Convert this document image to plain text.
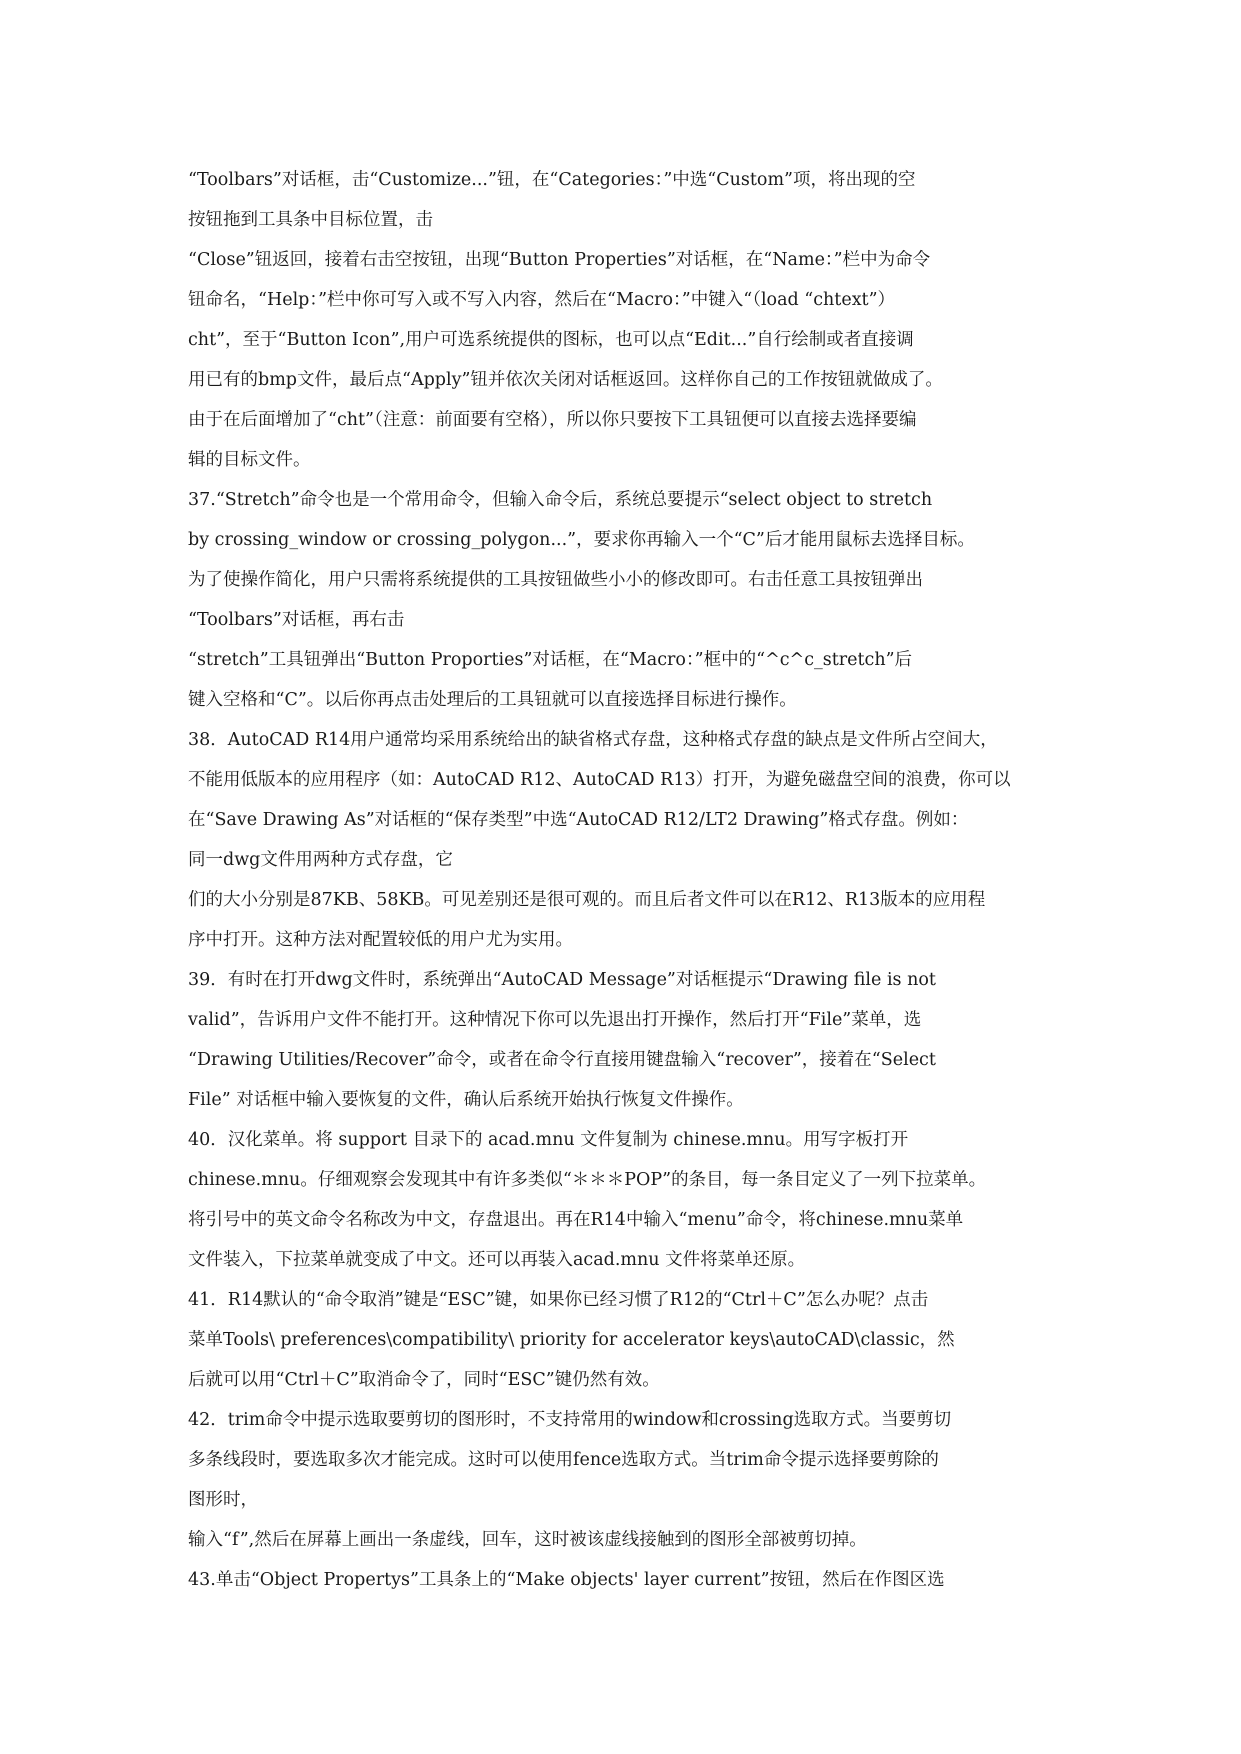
“Toolbars”对话框，击“Customize...”钮，在“Categories：”中选“Custom”项，将出现的空
按钮拖到工具条中目标位置，击
“Close”钮返回，接着右击空按钮，出现“Button Properties”对话框，在“Name：”栏中为命令
钮命名，“Help：”栏中你可写入或不写入内容，然后在“Macro：”中键入“（load “chtext”）
cht”，至于“Button Icon”,用户可选系统提供的图标，也可以点“Edit...”自行绘制或者直接调
用已有的bmp文件，最后点“Apply”钮并依次关闭对话框返回。这样你自己的工作按钮就做成了。
由于在后面增加了“cht”（注意：前面要有空格），所以你只要按下工具钮便可以直接去选择要编
辑的目标文件。
37.“Stretch”命令也是一个常用命令，但输入命令后，系统总要提示“select object to stretch
by crossing_window or crossing_polygon...”，要求你再输入一个“C”后才能用鼠标去选择目标。
为了使操作简化，用户只需将系统提供的工具按钮做些小小的修改即可。右击任意工具按钮弹出
“Toolbars”对话框，再右击
“stretch”工具钮弹出“Button Proporties”对话框，在“Macro：”框中的“^c^c_stretch”后
键入空格和“C”。以后你再点击处理后的工具钮就可以直接选择目标进行操作。
38．AutoCAD R14用户通常均采用系统给出的缺省格式存盘，这种格式存盘的缺点是文件所占空间大，
不能用低版本的应用程序（如：AutoCAD R12、AutoCAD R13）打开，为避免磁盘空间的浪费，你可以
在“Save Drawing As”对话框的“保存类型”中选“AutoCAD R12/LT2 Drawing”格式存盘。例如：
同一dwg文件用两种方式存盘，它
们的大小分别是87KB、58KB。可见差别还是很可观的。而且后者文件可以在R12、R13版本的应用程
序中打开。这种方法对配置较低的用户尤为实用。
39．有时在打开dwg文件时，系统弹出“AutoCAD Message”对话框提示“Drawing file is not
valid”，告诉用户文件不能打开。这种情况下你可以先退出打开操作，然后打开“File”菜单，选
“Drawing Utilities/Recover”命令，或者在命令行直接用键盘输入“recover”，接着在“Select
File” 对话框中输入要恢复的文件，确认后系统开始执行恢复文件操作。
40．汉化菜单。将 support 目录下的 acad.mnu 文件复制为 chinese.mnu。用写字板打开
chinese.mnu。仔细观察会发现其中有许多类似“＊＊＊POP”的条目，每一条目定义了一列下拉菜单。
将引号中的英文命令名称改为中文，存盘退出。再在R14中输入“menu”命令，将chinese.mnu菜单
文件装入，下拉菜单就变成了中文。还可以再装入acad.mnu 文件将菜单还原。
41．R14默认的“命令取消”键是“ESC”键，如果你已经习惯了R12的“Ctrl＋C”怎么办呢？点击
菜单Tools\ preferences\compatibility\ priority for accelerator keys\autoCAD\classic，然
后就可以用“Ctrl＋C”取消命令了，同时“ESC”键仍然有效。
42．trim命令中提示选取要剪切的图形时，不支持常用的window和crossing选取方式。当要剪切
多条线段时，要选取多次才能完成。这时可以使用fence选取方式。当trim命令提示选择要剪除的
图形时，
输入“f”,然后在屏幕上画出一条虚线，回车，这时被该虚线接触到的图形全部被剪切掉。
43.单击“Object Propertys”工具条上的“Make objects' layer current”按钮，然后在作图区选
